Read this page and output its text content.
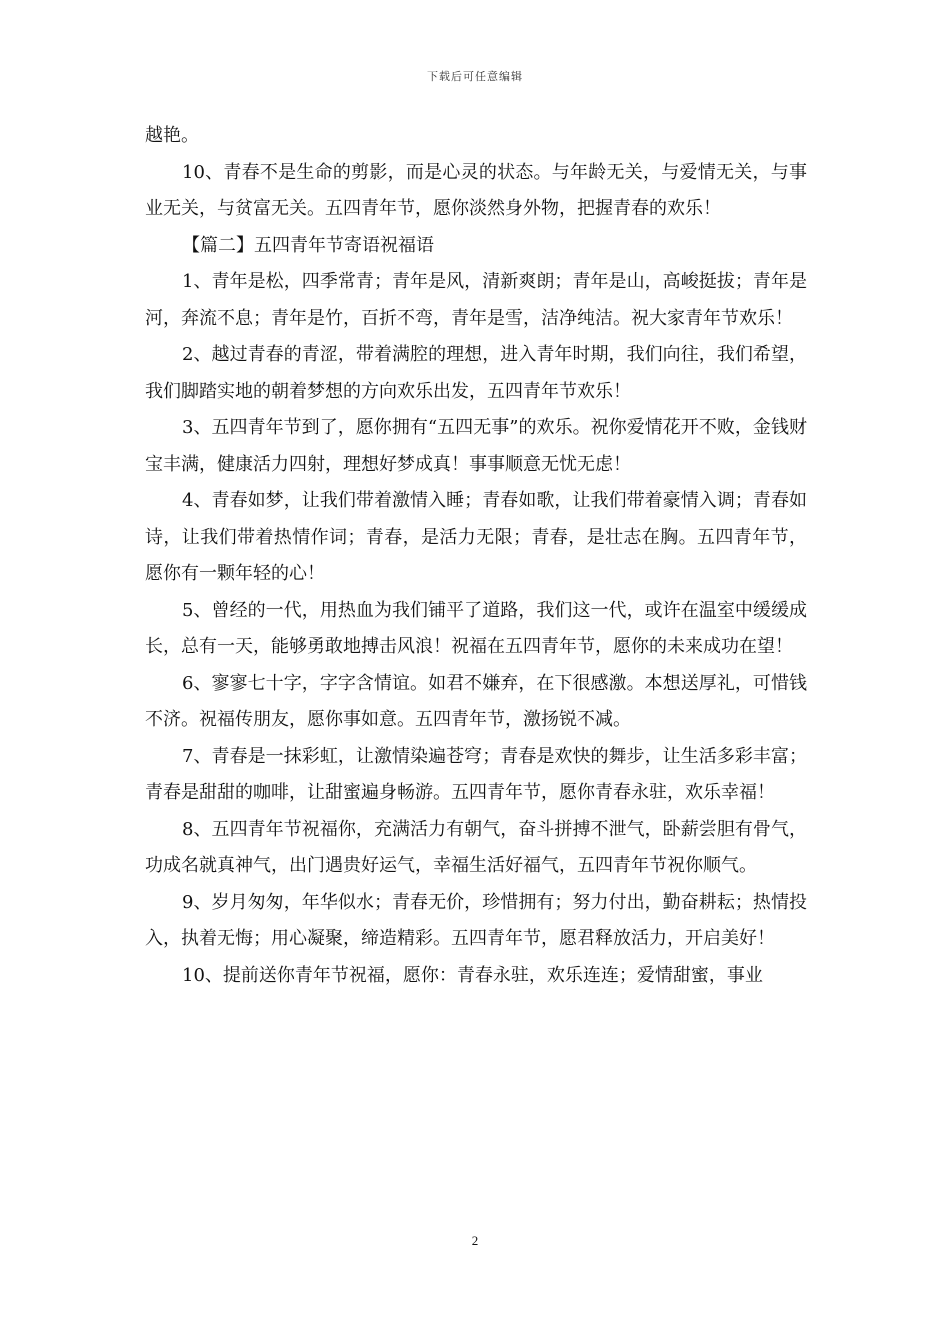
下载后可任意编辑

越艳。

10、青春不是生命的剪影，而是心灵的状态。与年龄无关，与爱情无关，与事业无关，与贫富无关。五四青年节，愿你淡然身外物，把握青春的欢乐！

【篇二】五四青年节寄语祝福语

1、青年是松，四季常青；青年是风，清新爽朗；青年是山，高峻挺拔；青年是河，奔流不息；青年是竹，百折不弯，青年是雪，洁净纯洁。祝大家青年节欢乐！

2、越过青春的青涩，带着满腔的理想，进入青年时期，我们向往，我们希望，我们脚踏实地的朝着梦想的方向欢乐出发，五四青年节欢乐！

3、五四青年节到了，愿你拥有“五四无事”的欢乐。祝你爱情花开不败，金钱财宝丰满，健康活力四射，理想好梦成真！事事顺意无忧无虑！

4、青春如梦，让我们带着激情入睡；青春如歌，让我们带着豪情入调；青春如诗，让我们带着热情作词；青春，是活力无限；青春，是壮志在胸。五四青年节，愿你有一颗年轻的心！

5、曾经的一代，用热血为我们铺平了道路，我们这一代，或许在温室中缓缓成长，总有一天，能够勇敢地搏击风浪！祝福在五四青年节，愿你的未来成功在望！

6、寥寥七十字，字字含情谊。如君不嫌弃，在下很感激。本想送厚礼，可惜钱不济。祝福传朋友，愿你事如意。五四青年节，激扬锐不减。

7、青春是一抹彩虹，让激情染遍苍穹；青春是欢快的舞步，让生活多彩丰富；青春是甜甜的咖啡，让甜蜜遍身畅游。五四青年节，愿你青春永驻，欢乐幸福！

8、五四青年节祝福你，充满活力有朝气，奋斗拼搏不泄气，卧薪尝胆有骨气，功成名就真神气，出门遇贵好运气，幸福生活好福气，五四青年节祝你顺气。

9、岁月匆匆，年华似水；青春无价，珍惜拥有；努力付出，勤奋耕耘；热情投入，执着无悔；用心凝聚，缔造精彩。五四青年节，愿君释放活力，开启美好！

10、提前送你青年节祝福，愿你：青春永驻，欢乐连连；爱情甜蜜，事业

2
